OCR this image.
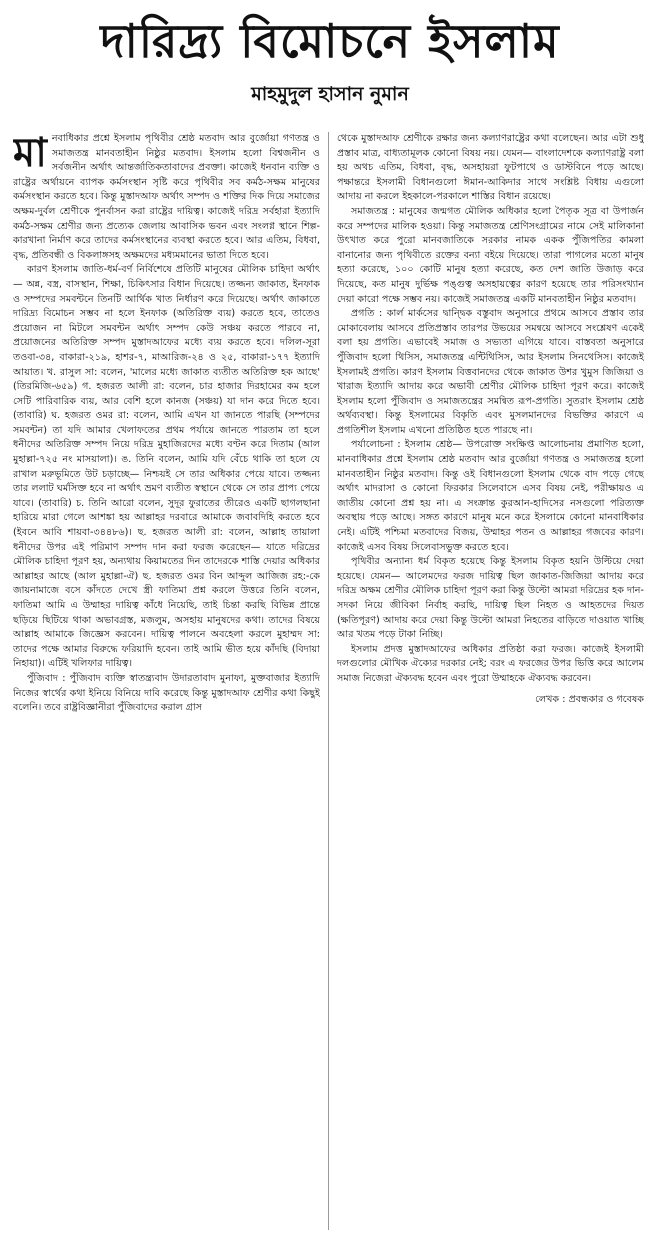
দারিদ্র্য বিমোচনে ইসলাম
মাহমুদুল হাসান নুমান

মানবাধিকার প্রশ্নে ইসলাম পৃথিবীর শ্রেষ্ঠ মতবাদ আর বুর্জোয়া গণতন্ত্র ও সমাজতন্ত্র মানবতাহীন নিষ্ঠুর মতবাদ। ইসলাম হলো বিশ্বজনীন ও সর্বজনীন অর্থাৎ আন্তর্জাতিকতাবাদের প্রবক্তা। কাজেই ধনবান ব্যক্তি ও রাষ্ট্রের অর্থায়নে ব্যাপক কর্মসংস্থান সৃষ্টি করে পৃথিবীর সব কর্মঠ-সক্ষম মানুষের কর্মসংস্থান করতে হবে। কিন্তু মুস্তাদআফ অর্থাৎ সম্পদ ও শক্তির দিক দিয়ে সমাজের অক্ষম-দুর্বল শ্রেণীকে পুনর্বাসন করা রাষ্ট্রের দায়িত্ব। কাজেই দরিদ্র সর্বহারা ইত্যাদি কর্মঠ-সক্ষম শ্রেণীর জন্য প্রত্যেক জেলায় আবাসিক ভবন এবং সংলগ্ন স্থানে শিল্প-কারখানা নির্মাণ করে তাদের কর্মসংস্থানের ব্যবস্থা করতে হবে। আর এতিম, বিধবা, বৃদ্ধ, প্রতিবন্ধী ও বিকলাঙ্গসহ অক্ষমদের মধ্যমমানের ভাতা দিতে হবে।

কারণ ইসলাম জাতি-ধর্ম-বর্ণ নির্বিশেষে প্রতিটি মানুষের মৌলিক চাহিদা অর্থাৎ— অন্ন, বস্ত্র, বাসস্থান, শিক্ষা, চিকিৎসার বিধান দিয়েছে। তজ্জন্য জাকাত, ইনফাক ও সম্পদের সমবন্টনে তিনটি আর্থিক খাত নির্ধারণ করে দিয়েছে। অর্থাৎ জাকাতে দারিদ্র্য বিমোচন সম্ভব না হলে ইনফাক (অতিরিক্ত ব্যয়) করতে হবে, তাতেও প্রয়োজন না মিটলে সমবন্টন অর্থাৎ সম্পদ কেউ সঞ্চয় করতে পারবে না, প্রয়োজনের অতিরিক্ত সম্পদ মুস্তাদআফের মধ্যে ব্যয় করতে হবে। দলিল-সূরা তওবা-৩৪, বাকারা-২১৯, হাশর-৭, মাআরিজ-২৪ ও ২৫, বাকারা-১৭৭ ইত্যাদি আয়াত। খ. রাসুল সা: বলেন, 'মালের মধ্যে জাকাত ব্যতীত অতিরিক্ত হক আছে' (তিরমিজি-৬৫৯) গ. হজরত আলী রা: বলেন, চার হাজার দিরহামের কম হলে সেটি পারিবারিক ব্যয়, আর বেশি হলে কানজ (সঞ্চয়) যা দান করে দিতে হবে। (তাবারি) ঘ. হজরত ওমর রা: বলেন, আমি এখন যা জানতে পারছি (সম্পদের সমবন্টন) তা যদি আমার খেলাফতের প্রথম পর্যায়ে জানতে পারতাম তা হলে ধনীদের অতিরিক্ত সম্পদ নিয়ে দরিদ্র মুহাজিরদের মধ্যে বণ্টন করে দিতাম (আল মুহাল্লা-৭২৫ নং মাসয়ালা)। ঙ. তিনি বলেন, আমি যদি বেঁচে থাকি তা হলে যে রাখাল মরুভূমিতে উট চড়াচ্ছে— নিশ্চয়ই সে তার অধিকার পেয়ে যাবে। তজ্জন্য তার ললাট ঘর্মসিক্ত হবে না অর্থাৎ ভ্রমণ ব্যতীত স্বস্থানে থেকে সে তার প্রাপ্য পেয়ে যাবে। (তাবারি) চ. তিনি আরো বলেন, সুদূর ফুরাতের তীরেও একটি ছাগলছানা হারিয়ে মারা গেলে আশঙ্কা হয় আল্লাহর দরবারে আমাকে জবাবদিহি করতে হবে (ইবনে আবি শায়বা-৩৪৪৮৬)। ছ. হজরত আলী রা: বলেন, আল্লাহ তায়ালা ধনীদের উপর এই পরিমাণ সম্পদ দান করা ফরজ করেছেন— যাতে দরিদ্রের মৌলিক চাহিদা পূরণ হয়, অন্যথায় কিয়ামতের দিন তাদেরকে শাস্তি দেয়ার অধিকার আল্লাহর আছে (আল মুহাল্লা-ঐ) ছ. হজরত ওমর বিন আব্দুল আজিজ রহ:-কে জায়নামাজে বসে কাঁদতে দেখে স্ত্রী ফাতিমা প্রশ্ন করলে উত্তরে তিনি বলেন, ফাতিমা আমি এ উম্মাহর দায়িত্ব কাঁধে নিয়েছি, তাই চিন্তা করছি বিভিন্ন প্রান্তে ছড়িয়ে ছিটিয়ে থাকা অভাবগ্রস্ত, মজলুম, অসহায় মানুষদের কথা। তাদের বিষয়ে আল্লাহ আমাকে জিজ্ঞেস করবেন। দায়িত্ব পালনে অবহেলা করলে মুহাম্মদ সা: তাদের পক্ষে আমার বিরুদ্ধে ফরিয়াদি হবেন। তাই আমি ভীত হয়ে কাঁদছি (বিদায়া নিহায়া)। এটিই খলিফার দায়িত্ব।

পুঁজিবাদ : পুঁজিবাদ ব্যক্তি স্বাতন্ত্র্যবাদ উদারতাবাদ মুনাফা, মুক্তবাজার ইত্যাদি নিজের স্বার্থের কথা ইনিয়ে বিনিয়ে দাবি করেছে কিন্তু মুস্তাদআফ শ্রেণীর কথা কিছুই বলেনি। তবে রাষ্ট্রবিজ্ঞানীরা পুঁজিবাদের করাল গ্রাস

থেকে মুস্তাদআফ শ্রেণীকে রক্ষার জন্য কল্যাণরাষ্ট্রের কথা বলেছেন। আর এটা শুধু প্রস্তাব মাত্র, বাধ্যতামূলক কোনো বিষয় নয়। যেমন— বাংলাদেশকে কল্যাণরাষ্ট্র বলা হয় অথচ এতিম, বিধবা, বৃদ্ধ, অসহায়রা ফুটপাথে ও ডাস্টবিনে পড়ে আছে। পক্ষান্তরে ইসলামী বিধানগুলো ঈমান-আকিদার সাথে সংশ্লিষ্ট বিধায় এগুলো আদায় না করলে ইহকালে-পরকালে শাস্তির বিধান রয়েছে।

সমাজতন্ত্র : মানুষের জন্মগত মৌলিক অধিকার হলো পৈতৃক সূত্র বা উপার্জন করে সম্পদের মালিক হওয়া। কিন্তু সমাজতন্ত্র শ্রেণিসংগ্রামের নামে সেই মালিকানা উৎখাত করে পুরো মানবজাতিকে সরকার নামক একক পুঁজিপতির কামলা বানানোর জন্য পৃথিবীতে রক্তের বন্যা বইয়ে দিয়েছে। তারা পাগলের মতো মানুষ হত্যা করেছে, ১০০ কোটি মানুষ হত্যা করেছে, কত দেশ জাতি উজাড় করে দিয়েছে, কত মানুষ দুর্ভিক্ষ পঙ্গুত্ব অসহায়ত্বের কারণ হয়েছে তার পরিসংখ্যান দেয়া কারো পক্ষে সম্ভব নয়। কাজেই সমাজতন্ত্র একটি মানবতাহীন নিষ্ঠুর মতবাদ।

প্রগতি : কার্ল মার্কসের দ্বান্দ্বিক বস্তুবাদ অনুসারে প্রথমে আসবে প্রস্তাব তার মোকাবেলায় আসবে প্রতিপ্রস্তাব তারপর উভয়ের সমন্বয়ে আসবে সংশ্লেষণ একেই বলা হয় প্রগতি। এভাবেই সমাজ ও সভ্যতা এগিয়ে যাবে। বাস্তবতা অনুসারে পুঁজিবাদ হলো থিসিস, সমাজতন্ত্র এন্টিথিসিস, আর ইসলাম সিনথেসিস। কাজেই ইসলামই প্রগতি। কারণ ইসলাম বিত্তবানদের থেকে জাকাত উশর খুমুস জিজিয়া ও খারাজ ইত্যাদি আদায় করে অভাবী শ্রেণীর মৌলিক চাহিদা পূরণ করে। কাজেই ইসলাম হলো পুঁজিবাদ ও সমাজতন্ত্রের সমন্বিত রূপ-প্রগতি। সুতরাং ইসলাম শ্রেষ্ঠ অর্থব্যবস্থা। কিন্তু ইসলামের বিকৃতি এবং মুসলমানদের বিভক্তির কারণে এ প্রগতিশীল ইসলাম এখনো প্রতিষ্ঠিত হতে পারছে না।

পর্যালোচনা : ইসলাম শ্রেষ্ঠ— উপরোক্ত সংক্ষিপ্ত আলোচনায় প্রমাণিত হলো, মানবাধিকার প্রশ্নে ইসলাম শ্রেষ্ঠ মতবাদ আর বুর্জোয়া গণতন্ত্র ও সমাজতন্ত্র হলো মানবতাহীন নিষ্ঠুর মতবাদ। কিন্তু ওই বিধানগুলো ইসলাম থেকে বাদ পড়ে গেছে অর্থাৎ মাদরাসা ও কোনো ফিরকার সিলেবাসে এসব বিষয় নেই, পরীক্ষায়ও এ জাতীয় কোনো প্রশ্ন হয় না। এ সংক্রান্ত কুরআন-হাদিসের নসগুলো পরিত্যক্ত অবস্থায় পড়ে আছে। সঙ্গত কারণে মানুষ মনে করে ইসলামে কোনো মানবাধিকার নেই। এটিই পশ্চিমা মতবাদের বিজয়, উম্মাহর পতন ও আল্লাহর গজবের কারণ। কাজেই এসব বিষয় সিলেবাসভুক্ত করতে হবে।

পৃথিবীর অন্যান্য ধর্ম বিকৃত হয়েছে কিন্তু ইসলাম বিকৃত হয়নি উল্টিয়ে দেয়া হয়েছে। যেমন— আলেমদের ফরজ দায়িত্ব ছিল জাকাত-জিজিয়া আদায় করে দরিদ্র অক্ষম শ্রেণীর মৌলিক চাহিদা পূরণ করা কিন্তু উল্টো আমরা দরিদ্রের হক দান-সদকা নিয়ে জীবিকা নির্বাহ করছি, দায়িত্ব ছিল নিহত ও আহতদের দিয়ত (ক্ষতিপূরণ) আদায় করে দেয়া কিন্তু উল্টো আমরা নিহতের বাড়িতে দাওয়াত খাচ্ছি আর খতম পড়ে টাকা নিচ্ছি।

ইসলাম প্রদত্ত মুস্তাদআফের অধিকার প্রতিষ্ঠা করা ফরজ। কাজেই ইসলামী দলগুলোর মৌখিক ঐক্যের দরকার নেই; বরং এ ফরজের উপর ভিত্তি করে আলেম সমাজ নিজেরা ঐক্যবদ্ধ হবেন এবং পুরো উম্মাহকে ঐক্যবদ্ধ করবেন।

লেখক : প্রবন্ধকার ও গবেষক
